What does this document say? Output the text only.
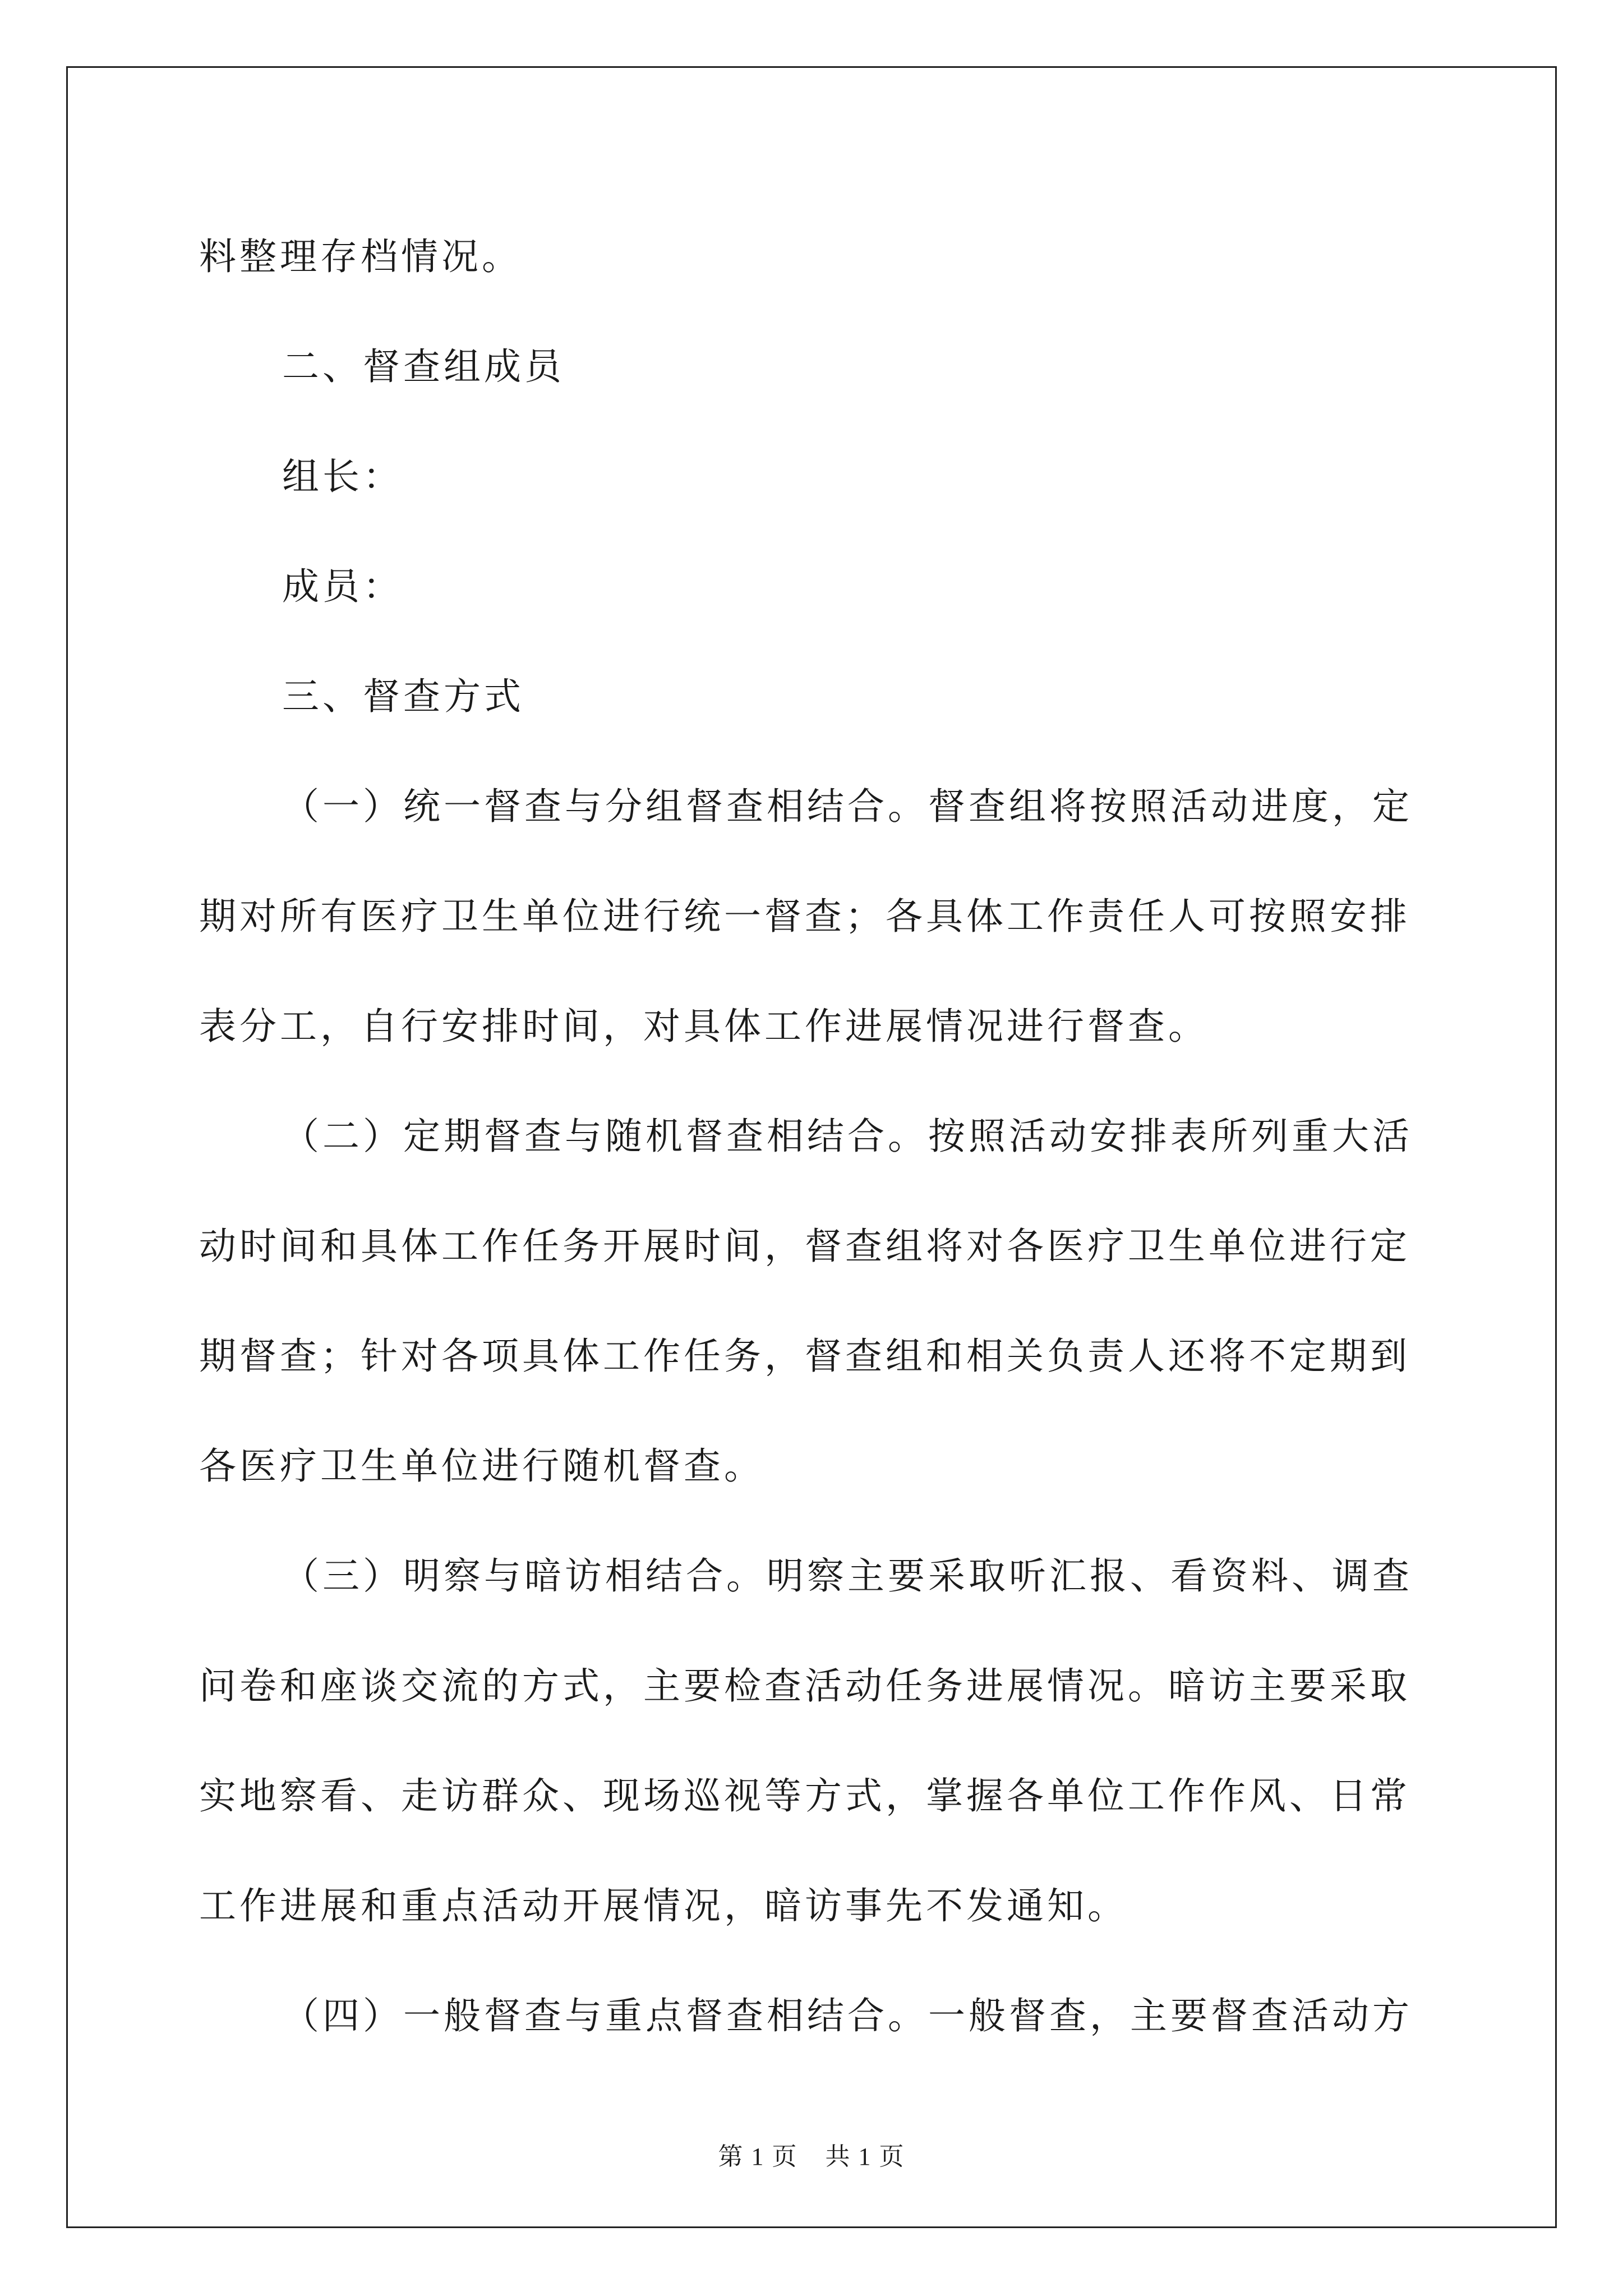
料整理存档情况。
二、督查组成员
组长：
成员：
三、督查方式
（一）统一督查与分组督查相结合。督查组将按照活动进度，定
期对所有医疗卫生单位进行统一督查；各具体工作责任人可按照安排
表分工，自行安排时间，对具体工作进展情况进行督查。
（二）定期督查与随机督查相结合。按照活动安排表所列重大活
动时间和具体工作任务开展时间，督查组将对各医疗卫生单位进行定
期督查；针对各项具体工作任务，督查组和相关负责人还将不定期到
各医疗卫生单位进行随机督查。
（三）明察与暗访相结合。明察主要采取听汇报、看资料、调查
问卷和座谈交流的方式，主要检查活动任务进展情况。暗访主要采取
实地察看、走访群众、现场巡视等方式，掌握各单位工作作风、日常
工作进展和重点活动开展情况，暗访事先不发通知。
（四）一般督查与重点督查相结合。一般督查，主要督查活动方
第 1 页 共 1 页
